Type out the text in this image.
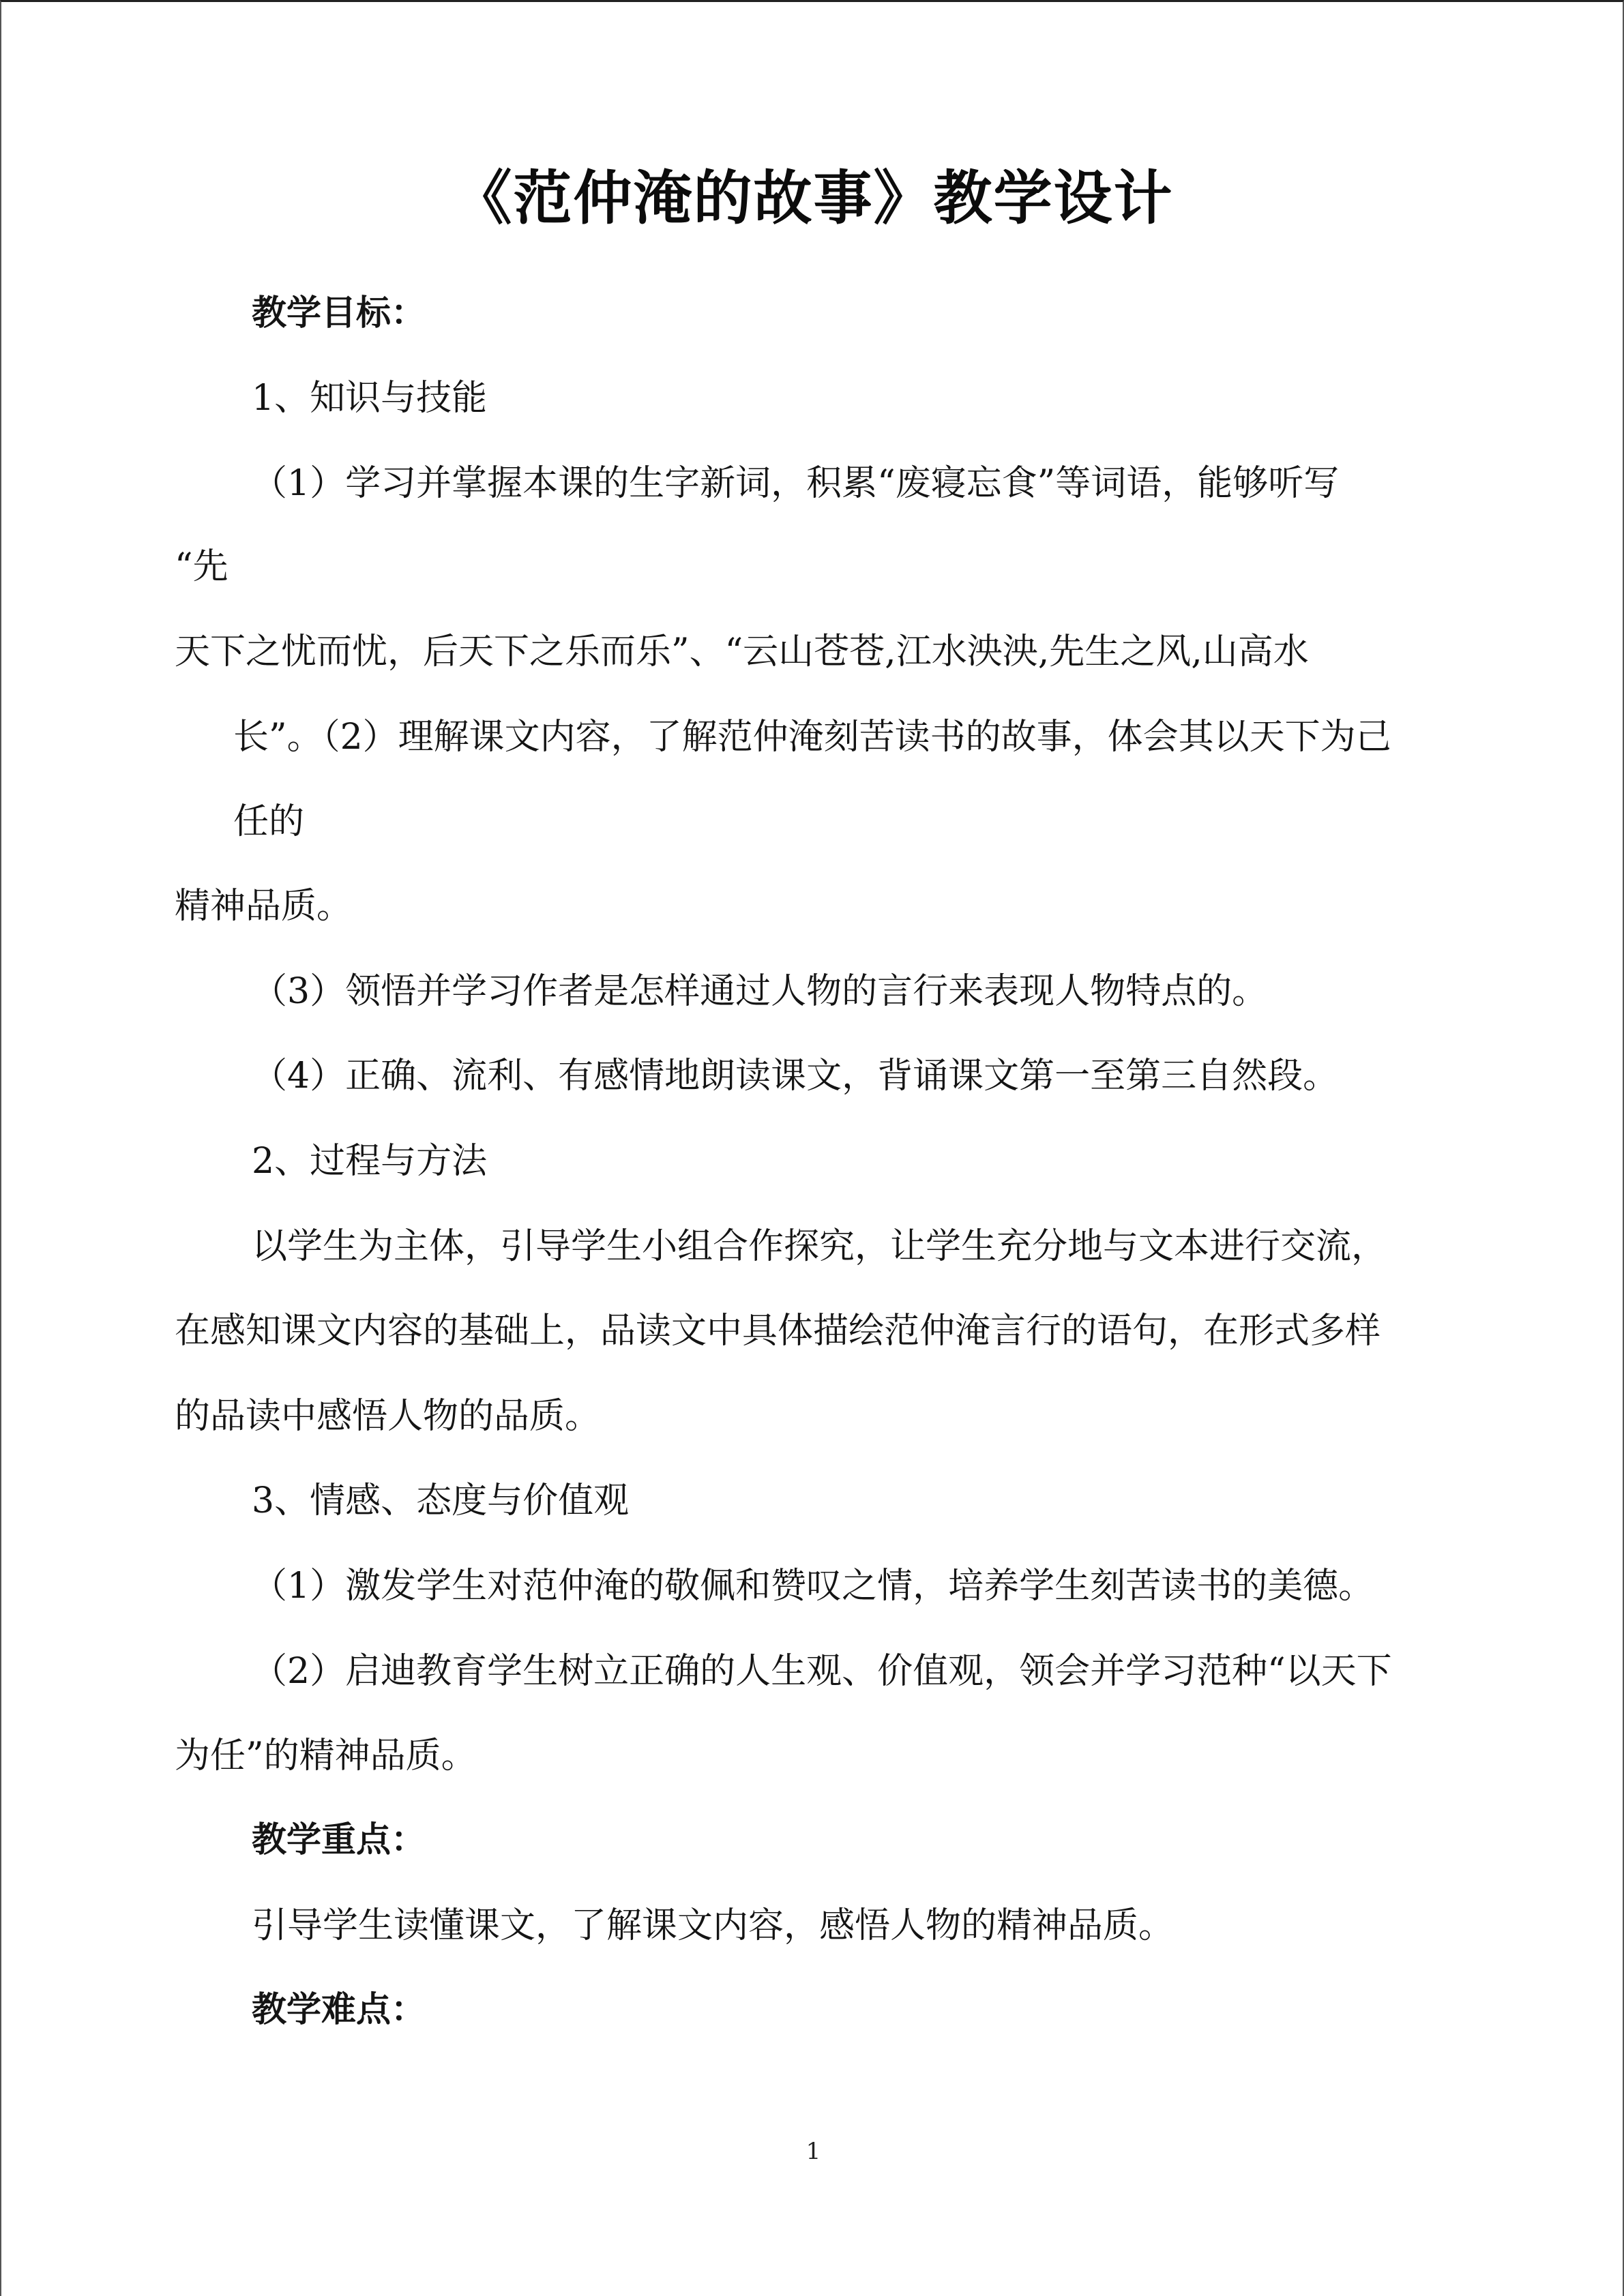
《范仲淹的故事》教学设计
教学目标：
1、知识与技能
（1）学习并掌握本课的生字新词，积累“废寝忘食”等词语，能够听写
“先
天下之忧而忧，后天下之乐而乐”、“云山苍苍,江水泱泱,先生之风,山高水
长”。（2）理解课文内容，了解范仲淹刻苦读书的故事，体会其以天下为己
任的
精神品质。
（3）领悟并学习作者是怎样通过人物的言行来表现人物特点的。
（4）正确、流利、有感情地朗读课文，背诵课文第一至第三自然段。
2、过程与方法
以学生为主体，引导学生小组合作探究，让学生充分地与文本进行交流，
在感知课文内容的基础上，品读文中具体描绘范仲淹言行的语句，在形式多样
的品读中感悟人物的品质。
3、情感、态度与价值观
（1）激发学生对范仲淹的敬佩和赞叹之情，培养学生刻苦读书的美德。
（2）启迪教育学生树立正确的人生观、价值观，领会并学习范种“以天下
为任”的精神品质。
教学重点：
引导学生读懂课文，了解课文内容，感悟人物的精神品质。
教学难点：
1
